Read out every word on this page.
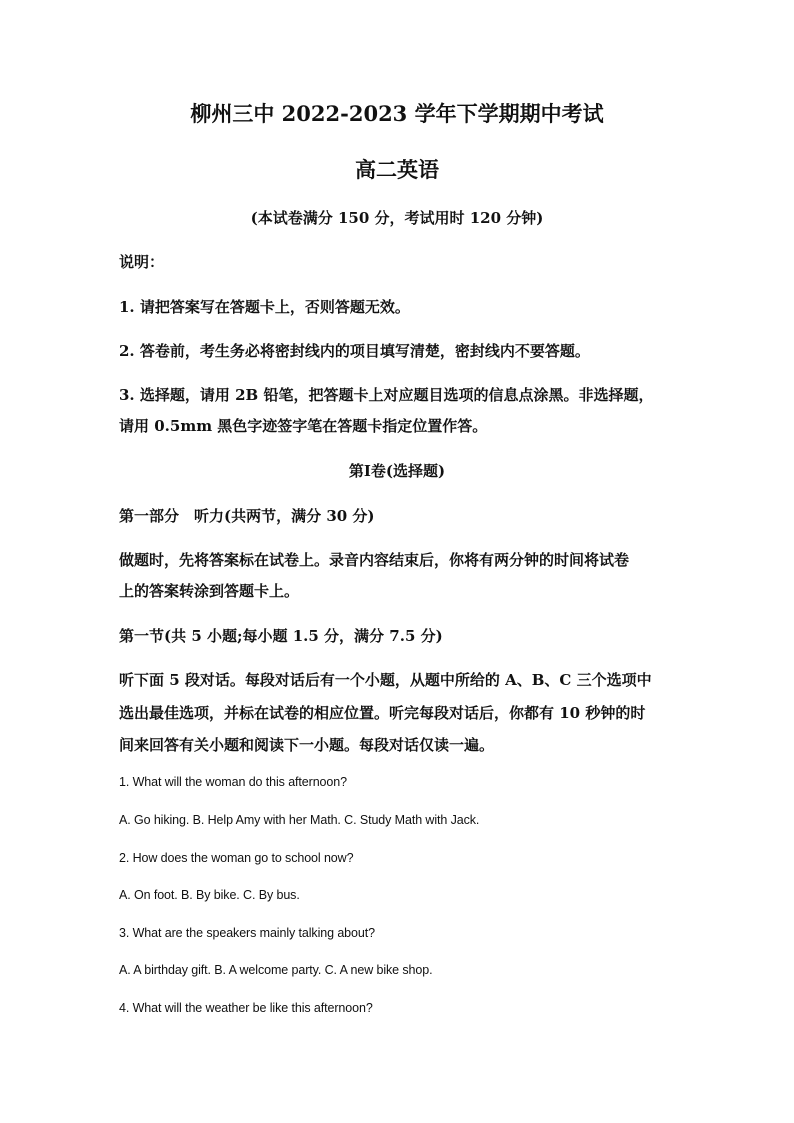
柳州三中 2022-2023 学年下学期期中考试
高二英语
(本试卷满分 150 分，考试用时 120 分钟)
说明：
1. 请把答案写在答题卡上，否则答题无效。
2. 答卷前，考生务必将密封线内的项目填写清楚，密封线内不要答题。
3. 选择题，请用 2B 铅笔，把答题卡上对应题目选项的信息点涂黑。非选择题，
请用 0.5mm 黑色字迹签字笔在答题卡指定位置作答。
第Ⅰ卷(选择题)
第一部分　听力(共两节，满分 30 分)
做题时，先将答案标在试卷上。录音内容结束后，你将有两分钟的时间将试卷
上的答案转涂到答题卡上。
第一节(共 5 小题;每小题 1.5 分，满分 7.5 分)
听下面 5 段对话。每段对话后有一个小题，从题中所给的 A、B、C 三个选项中
选出最佳选项，并标在试卷的相应位置。听完每段对话后，你都有 10 秒钟的时
间来回答有关小题和阅读下一小题。每段对话仅读一遍。
1. What will the woman do this afternoon?
A. Go hiking. B. Help Amy with her Math. C. Study Math with Jack.
2. How does the woman go to school now?
A. On foot. B. By bike. C. By bus.
3. What are the speakers mainly talking about?
A. A birthday gift. B. A welcome party. C. A new bike shop.
4. What will the weather be like this afternoon?
